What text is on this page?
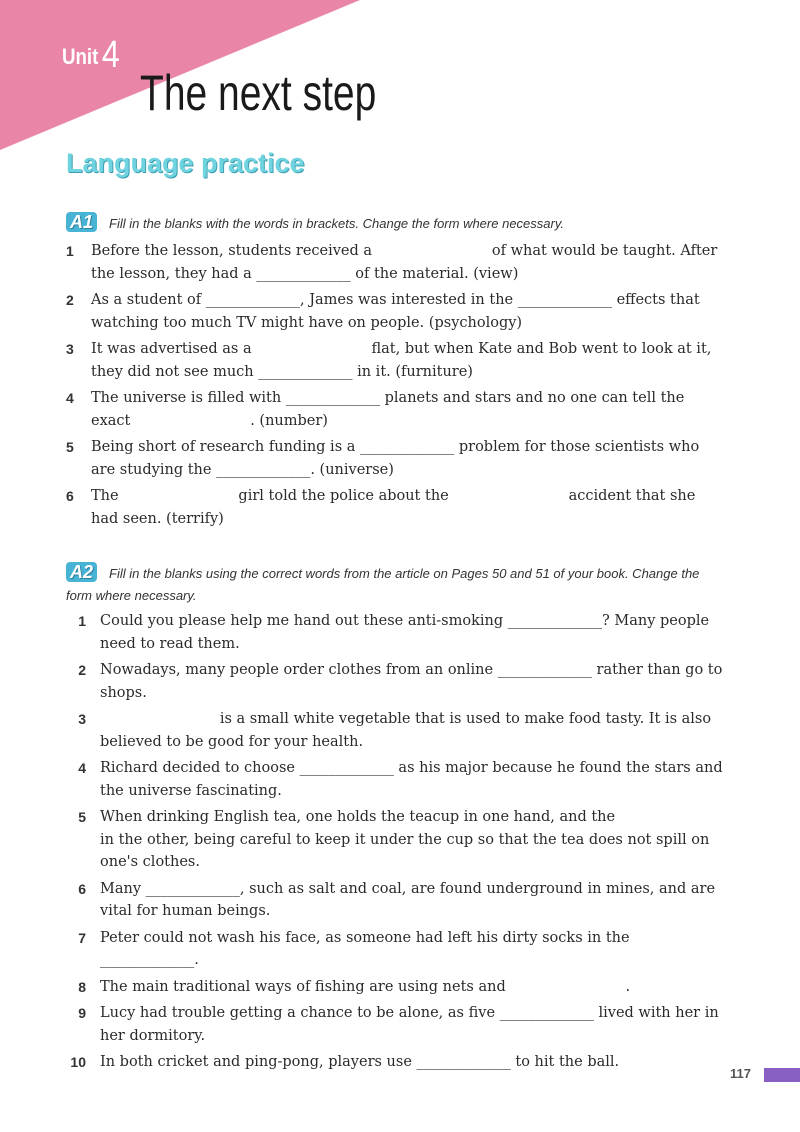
Unit4
The next step
Language practice
A1 Fill in the blanks with the words in brackets. Change the form where necessary.
1 Before the lesson, students received a                          of what would be taught. After the lesson, they had a _____________ of the material. (view)
2 As a student of _____________, James was interested in the _____________ effects that watching too much TV might have on people. (psychology)
3 It was advertised as a                          flat, but when Kate and Bob went to look at it, they did not see much _____________ in it. (furniture)
4 The universe is filled with _____________ planets and stars and no one can tell the exact                          . (number)
5 Being short of research funding is a _____________ problem for those scientists who are studying the _____________. (universe)
6 The                          girl told the police about the                          accident that she had seen. (terrify)
A2 Fill in the blanks using the correct words from the article on Pages 50 and 51 of your book. Change the form where necessary.
1 Could you please help me hand out these anti-smoking _____________? Many people need to read them.
2 Nowadays, many people order clothes from an online _____________ rather than go to shops.
3 is a small white vegetable that is used to make food tasty. It is also believed to be good for your health.
4 Richard decided to choose _____________ as his major because he found the stars and the universe fascinating.
5 When drinking English tea, one holds the teacup in one hand, and the                          in the other, being careful to keep it under the cup so that the tea does not spill on one's clothes.
6 Many _____________, such as salt and coal, are found underground in mines, and are vital for human beings.
7 Peter could not wash his face, as someone had left his dirty socks in the _____________.
8 The main traditional ways of fishing are using nets and                          .
9 Lucy had trouble getting a chance to be alone, as five _____________ lived with her in her dormitory.
10 In both cricket and ping-pong, players use _____________ to hit the ball.
117
